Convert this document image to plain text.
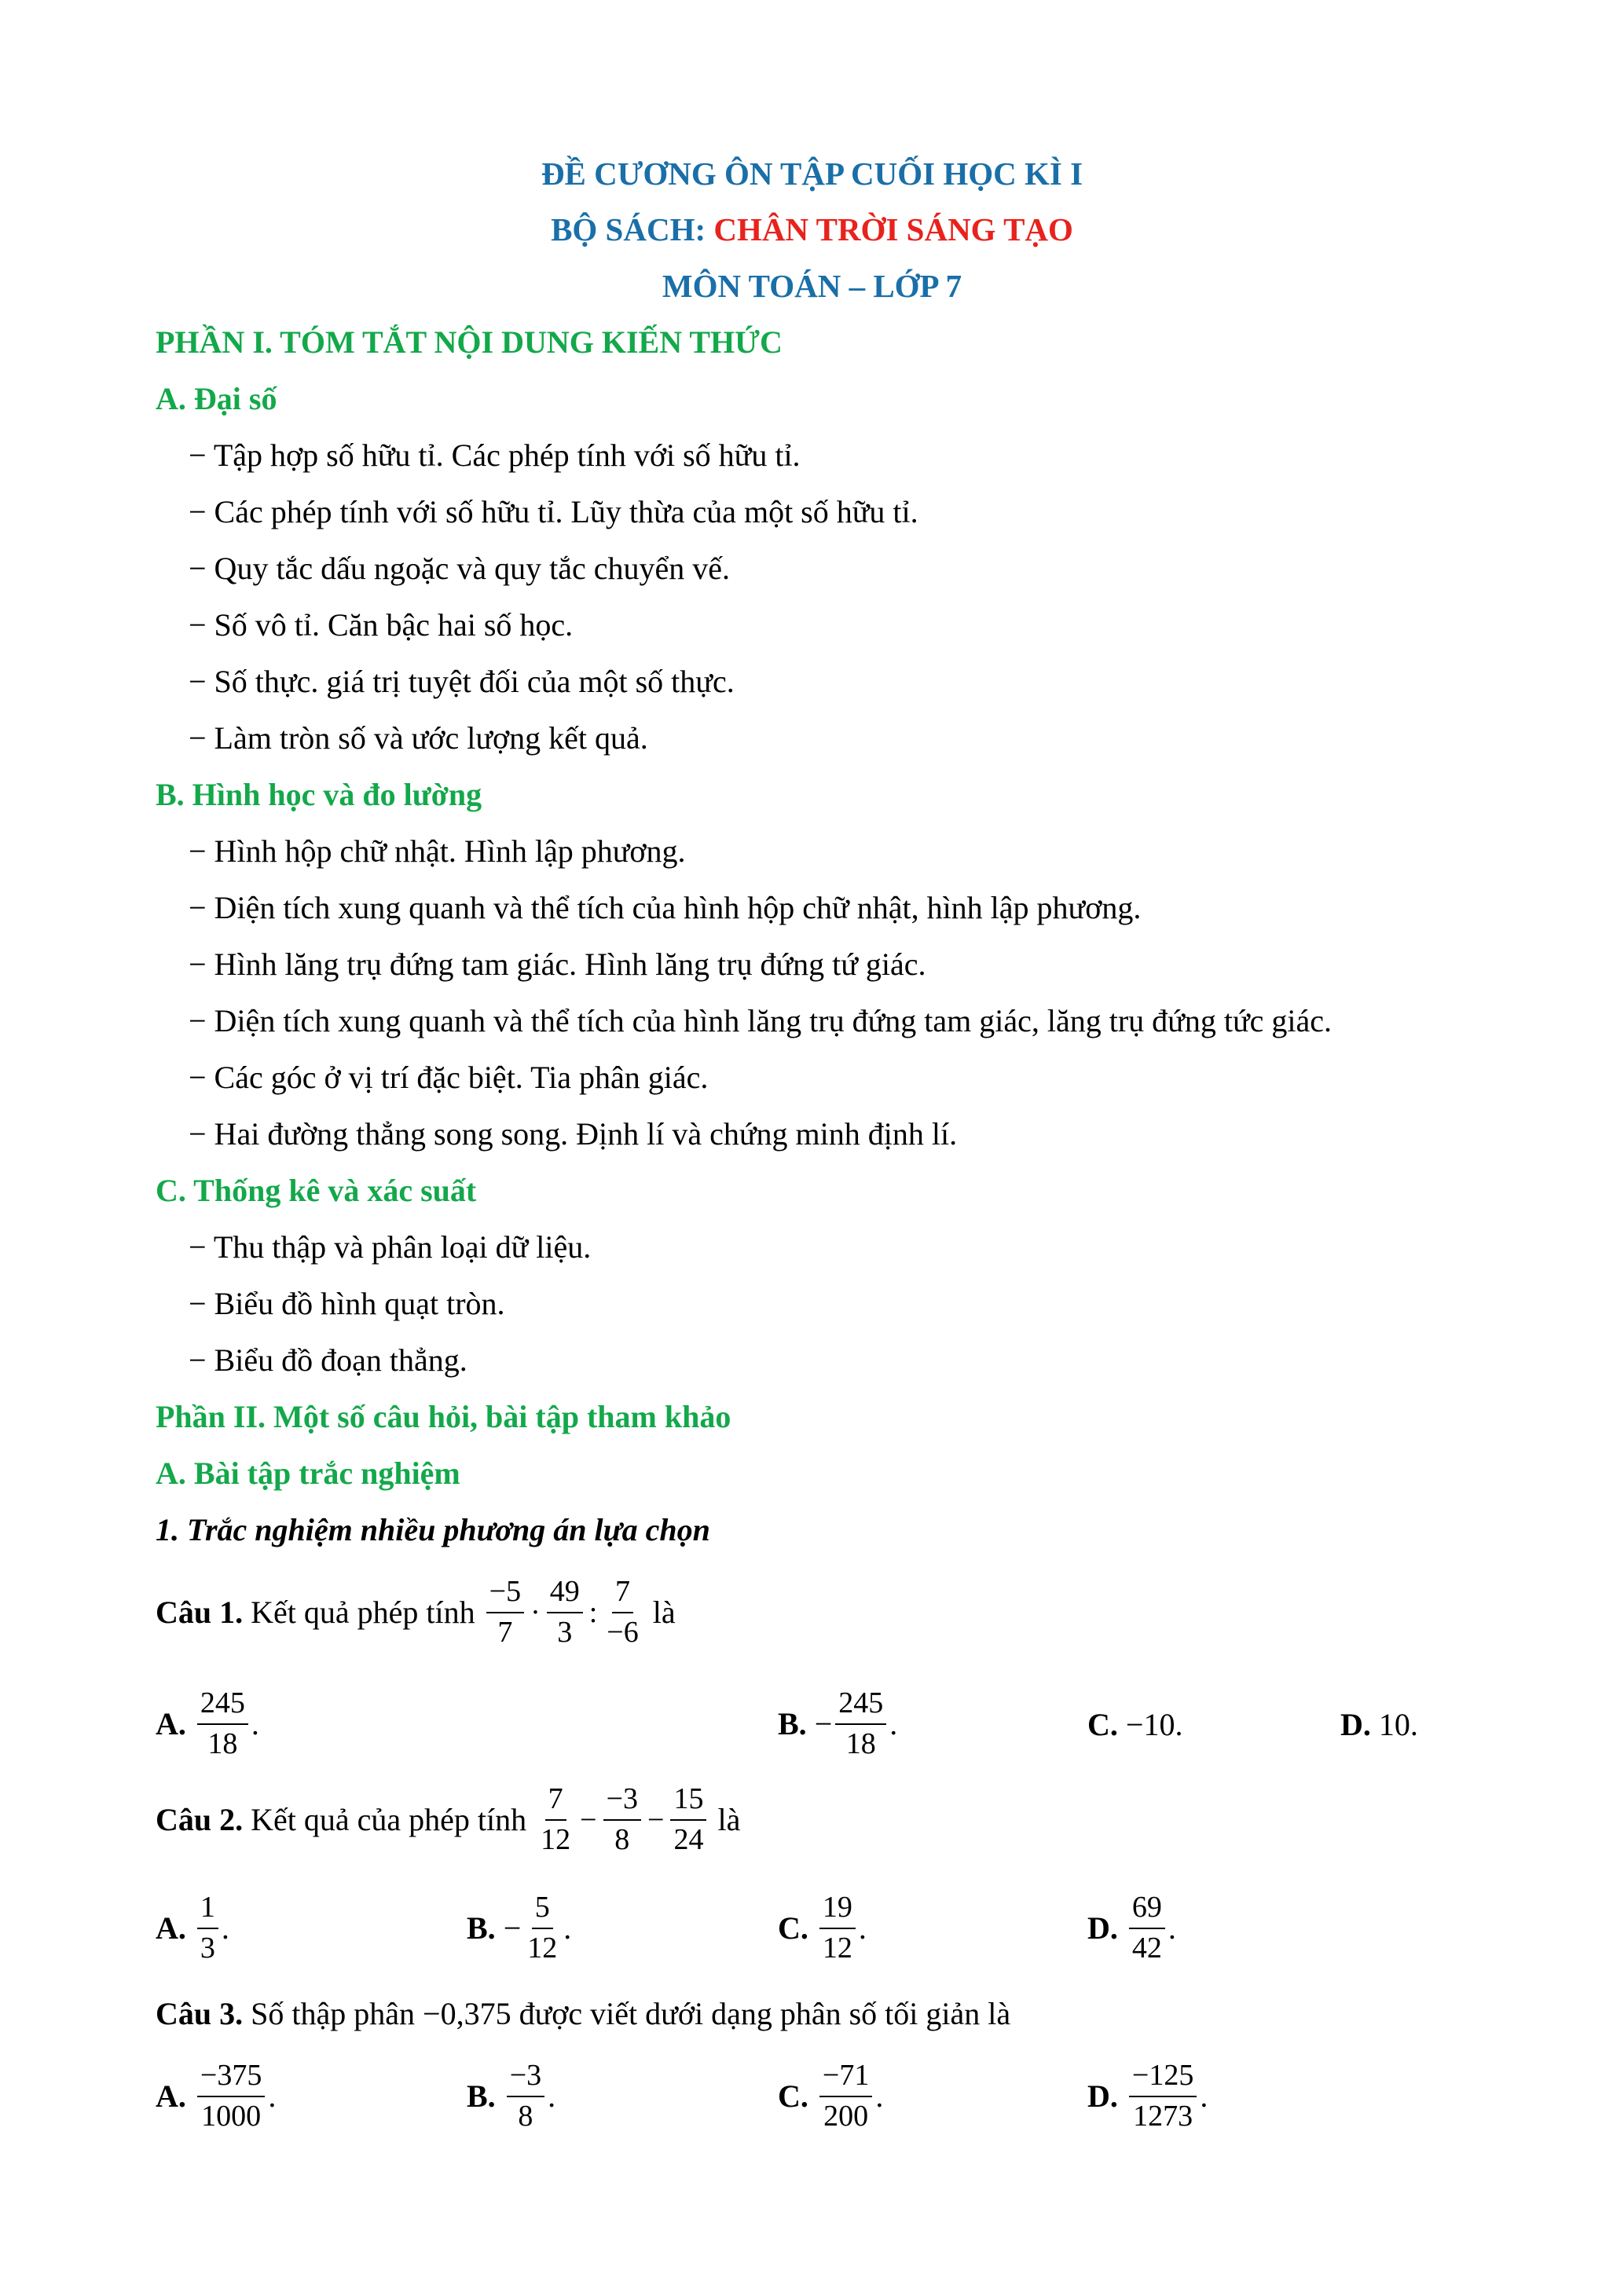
ĐỀ CƯƠNG ÔN TẬP CUỐI HỌC KÌ I
BỘ SÁCH: CHÂN TRỜI SÁNG TẠO
MÔN TOÁN – LỚP 7
PHẦN I. TÓM TẮT NỘI DUNG KIẾN THỨC
A. Đại số
− Tập hợp số hữu tỉ. Các phép tính với số hữu tỉ.
− Các phép tính với số hữu tỉ. Lũy thừa của một số hữu tỉ.
− Quy tắc dấu ngoặc và quy tắc chuyển vế.
− Số vô tỉ. Căn bậc hai số học.
− Số thực. giá trị tuyệt đối của một số thực.
− Làm tròn số và ước lượng kết quả.
B. Hình học và đo lường
− Hình hộp chữ nhật. Hình lập phương.
− Diện tích xung quanh và thể tích của hình hộp chữ nhật, hình lập phương.
− Hình lăng trụ đứng tam giác. Hình lăng trụ đứng tứ giác.
− Diện tích xung quanh và thể tích của hình lăng trụ đứng tam giác, lăng trụ đứng tức giác.
− Các góc ở vị trí đặc biệt. Tia phân giác.
− Hai đường thẳng song song. Định lí và chứng minh định lí.
C. Thống kê và xác suất
− Thu thập và phân loại dữ liệu.
− Biểu đồ hình quạt tròn.
− Biểu đồ đoạn thẳng.
Phần II. Một số câu hỏi, bài tập tham khảo
A. Bài tập trắc nghiệm
1. Trắc nghiệm nhiều phương án lựa chọn
Câu 1.
Kết quả phép tính
$\frac{-5}{7} \cdot \frac{49}{3}$ : $\frac{7}{-6}$
là
A. $\frac{245}{18}$ .	B. − $\frac{245}{18}$ .	C. −10.	D. 10.
Câu 2.
Kết quả của phép tính
$\frac{7}{12} - \frac{-3}{8} - \frac{15}{24}$
là
A. $\frac{1}{3}$ .	B. − $\frac{5}{12}$ .	C. $\frac{19}{12}$ .	D. $\frac{69}{42}$ .
Câu 3. Số thập phân −0,375 được viết dưới dạng phân số tối giản là
A. $\frac{-375}{1000}$ .	B. $\frac{-3}{8}$ .	C. $\frac{-71}{200}$ .	D. $\frac{-125}{1273}$ .
